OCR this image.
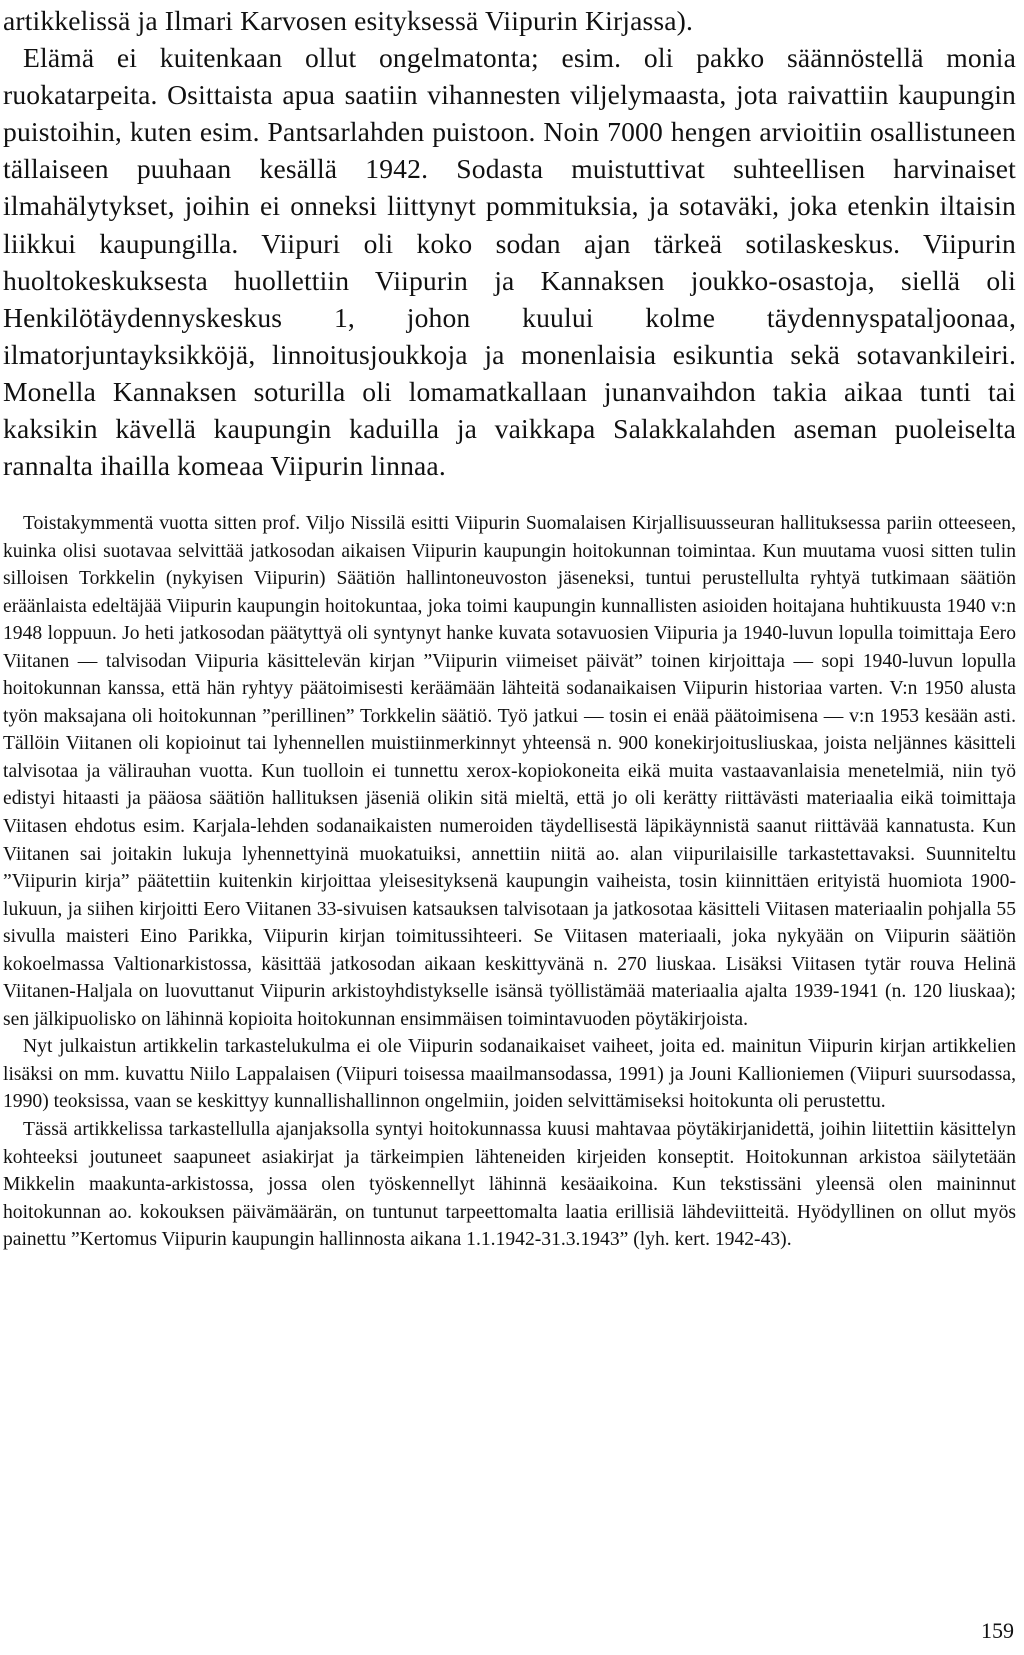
artikkelissä ja Ilmari Karvosen esityksessä Viipurin Kirjassa).

Elämä ei kuitenkaan ollut ongelmatonta; esim. oli pakko säännöstellä monia ruokatarpeita. Osittaista apua saatiin vihannesten viljelymaasta, jota raivattiin kaupungin puistoihin, kuten esim. Pantsarlahden puistoon. Noin 7000 hengen arvioitiin osallistuneen tällaiseen puuhaan kesällä 1942. Sodasta muistuttivat suhteellisen harvinaiset ilmahälytykset, joihin ei onneksi liittynyt pommituksia, ja sotaväki, joka etenkin iltaisin liikkui kaupungilla. Viipuri oli koko sodan ajan tärkeä sotilaskeskus. Viipurin huoltokeskuksesta huollettiin Viipurin ja Kannaksen joukko-osastoja, siellä oli Henkilötäydennyskeskus 1, johon kuului kolme täydennyspataljoonaa, ilmatorjuntayksikköjä, linnoitusjoukkoja ja monenlaisia esikuntia sekä sotavankileiri. Monella Kannaksen soturilla oli lomamatkallaan junanvaihdon takia aikaa tunti tai kaksikin kävellä kaupungin kaduilla ja vaikkapa Salakkalahden aseman puoleiselta rannalta ihailla komeaa Viipurin linnaa.

Toistakymmentä vuotta sitten prof. Viljo Nissilä esitti Viipurin Suomalaisen Kirjallisuusseuran hallituksessa pariin otteeseen, kuinka olisi suotavaa selvittää jatkosodan aikaisen Viipurin kaupungin hoitokunnan toimintaa. Kun muutama vuosi sitten tulin silloisen Torkkelin (nykyisen Viipurin) Säätiön hallintoneuvoston jäseneksi, tuntui perustellulta ryhtyä tutkimaan säätiön eräänlaista edeltäjää Viipurin kaupungin hoitokuntaa, joka toimi kaupungin kunnallisten asioiden hoitajana huhtikuusta 1940 v:n 1948 loppuun. Jo heti jatkosodan päätyttyä oli syntynyt hanke kuvata sotavuosien Viipuria ja 1940-luvun lopulla toimittaja Eero Viitanen — talvisodan Viipuria käsittelevän kirjan ”Viipurin viimeiset päivät” toinen kirjoittaja — sopi 1940-luvun lopulla hoitokunnan kanssa, että hän ryhtyy päätoimisesti keräämään lähteitä sodanaikaisen Viipurin historiaa varten. V:n 1950 alusta työn maksajana oli hoitokunnan ”perillinen” Torkkelin säätiö. Työ jatkui — tosin ei enää päätoimisena — v:n 1953 kesään asti. Tällöin Viitanen oli kopioinut tai lyhennellen muistiinmerkinnyt yhteensä n. 900 konekirjoitusliuskaa, joista neljännes käsitteli talvisotaa ja välirauhan vuotta. Kun tuolloin ei tunnettu xerox-kopiokoneita eikä muita vastaavanlaisia menetelmiä, niin työ edistyi hitaasti ja pääosa säätiön hallituksen jäseniä olikin sitä mieltä, että jo oli kerätty riittävästi materiaalia eikä toimittaja Viitasen ehdotus esim. Karjala-lehden sodanaikaisten numeroiden täydellisestä läpikäynnistä saanut riittävää kannatusta. Kun Viitanen sai joitakin lukuja lyhennettyinä muokatuiksi, annettiin niitä ao. alan viipurilaisille tarkastettavaksi. Suunniteltu ”Viipurin kirja” päätettiin kuitenkin kirjoittaa yleisesityksenä kaupungin vaiheista, tosin kiinnittäen erityistä huomiota 1900-lukuun, ja siihen kirjoitti Eero Viitanen 33-sivuisen katsauksen talvisotaan ja jatkosotaa käsitteli Viitasen materiaalin pohjalla 55 sivulla maisteri Eino Parikka, Viipurin kirjan toimitussihteeri. Se Viitasen materiaali, joka nykyään on Viipurin säätiön kokoelmassa Valtionarkistossa, käsittää jatkosodan aikaan keskittyvänä n. 270 liuskaa. Lisäksi Viitasen tytär rouva Helinä Viitanen-Haljala on luovuttanut Viipurin arkistoyhdistykselle isänsä työllistämää materiaalia ajalta 1939-1941 (n. 120 liuskaa); sen jälkipuolisko on lähinnä kopioita hoitokunnan ensimmäisen toimintavuoden pöytäkirjoista.

Nyt julkaistun artikkelin tarkastelukulma ei ole Viipurin sodanaikaiset vaiheet, joita ed. mainitun Viipurin kirjan artikkelien lisäksi on mm. kuvattu Niilo Lappalaisen (Viipuri toisessa maailmansodassa, 1991) ja Jouni Kallioniemen (Viipuri suursodassa, 1990) teoksissa, vaan se keskittyy kunnallishallinnon ongelmiin, joiden selvittämiseksi hoitokunta oli perustettu.

Tässä artikkelissa tarkastellulla ajanjaksolla syntyi hoitokunnassa kuusi mahtavaa pöytäkirjanidettä, joihin liitettiin käsittelyn kohteeksi joutuneet saapuneet asiakirjat ja tärkeimpien lähteneiden kirjeiden konseptit. Hoitokunnan arkistoa säilytetään Mikkelin maakunta-arkistossa, jossa olen työskennellyt lähinnä kesäaikoina. Kun tekstissäni yleensä olen maininnut hoitokunnan ao. kokouksen päivämäärän, on tuntunut tarpeettomalta laatia erillisiä lähdeviitteitä. Hyödyllinen on ollut myös painettu ”Kertomus Viipurin kaupungin hallinnosta aikana 1.1.1942-31.3.1943” (lyh. kert. 1942-43).

159
